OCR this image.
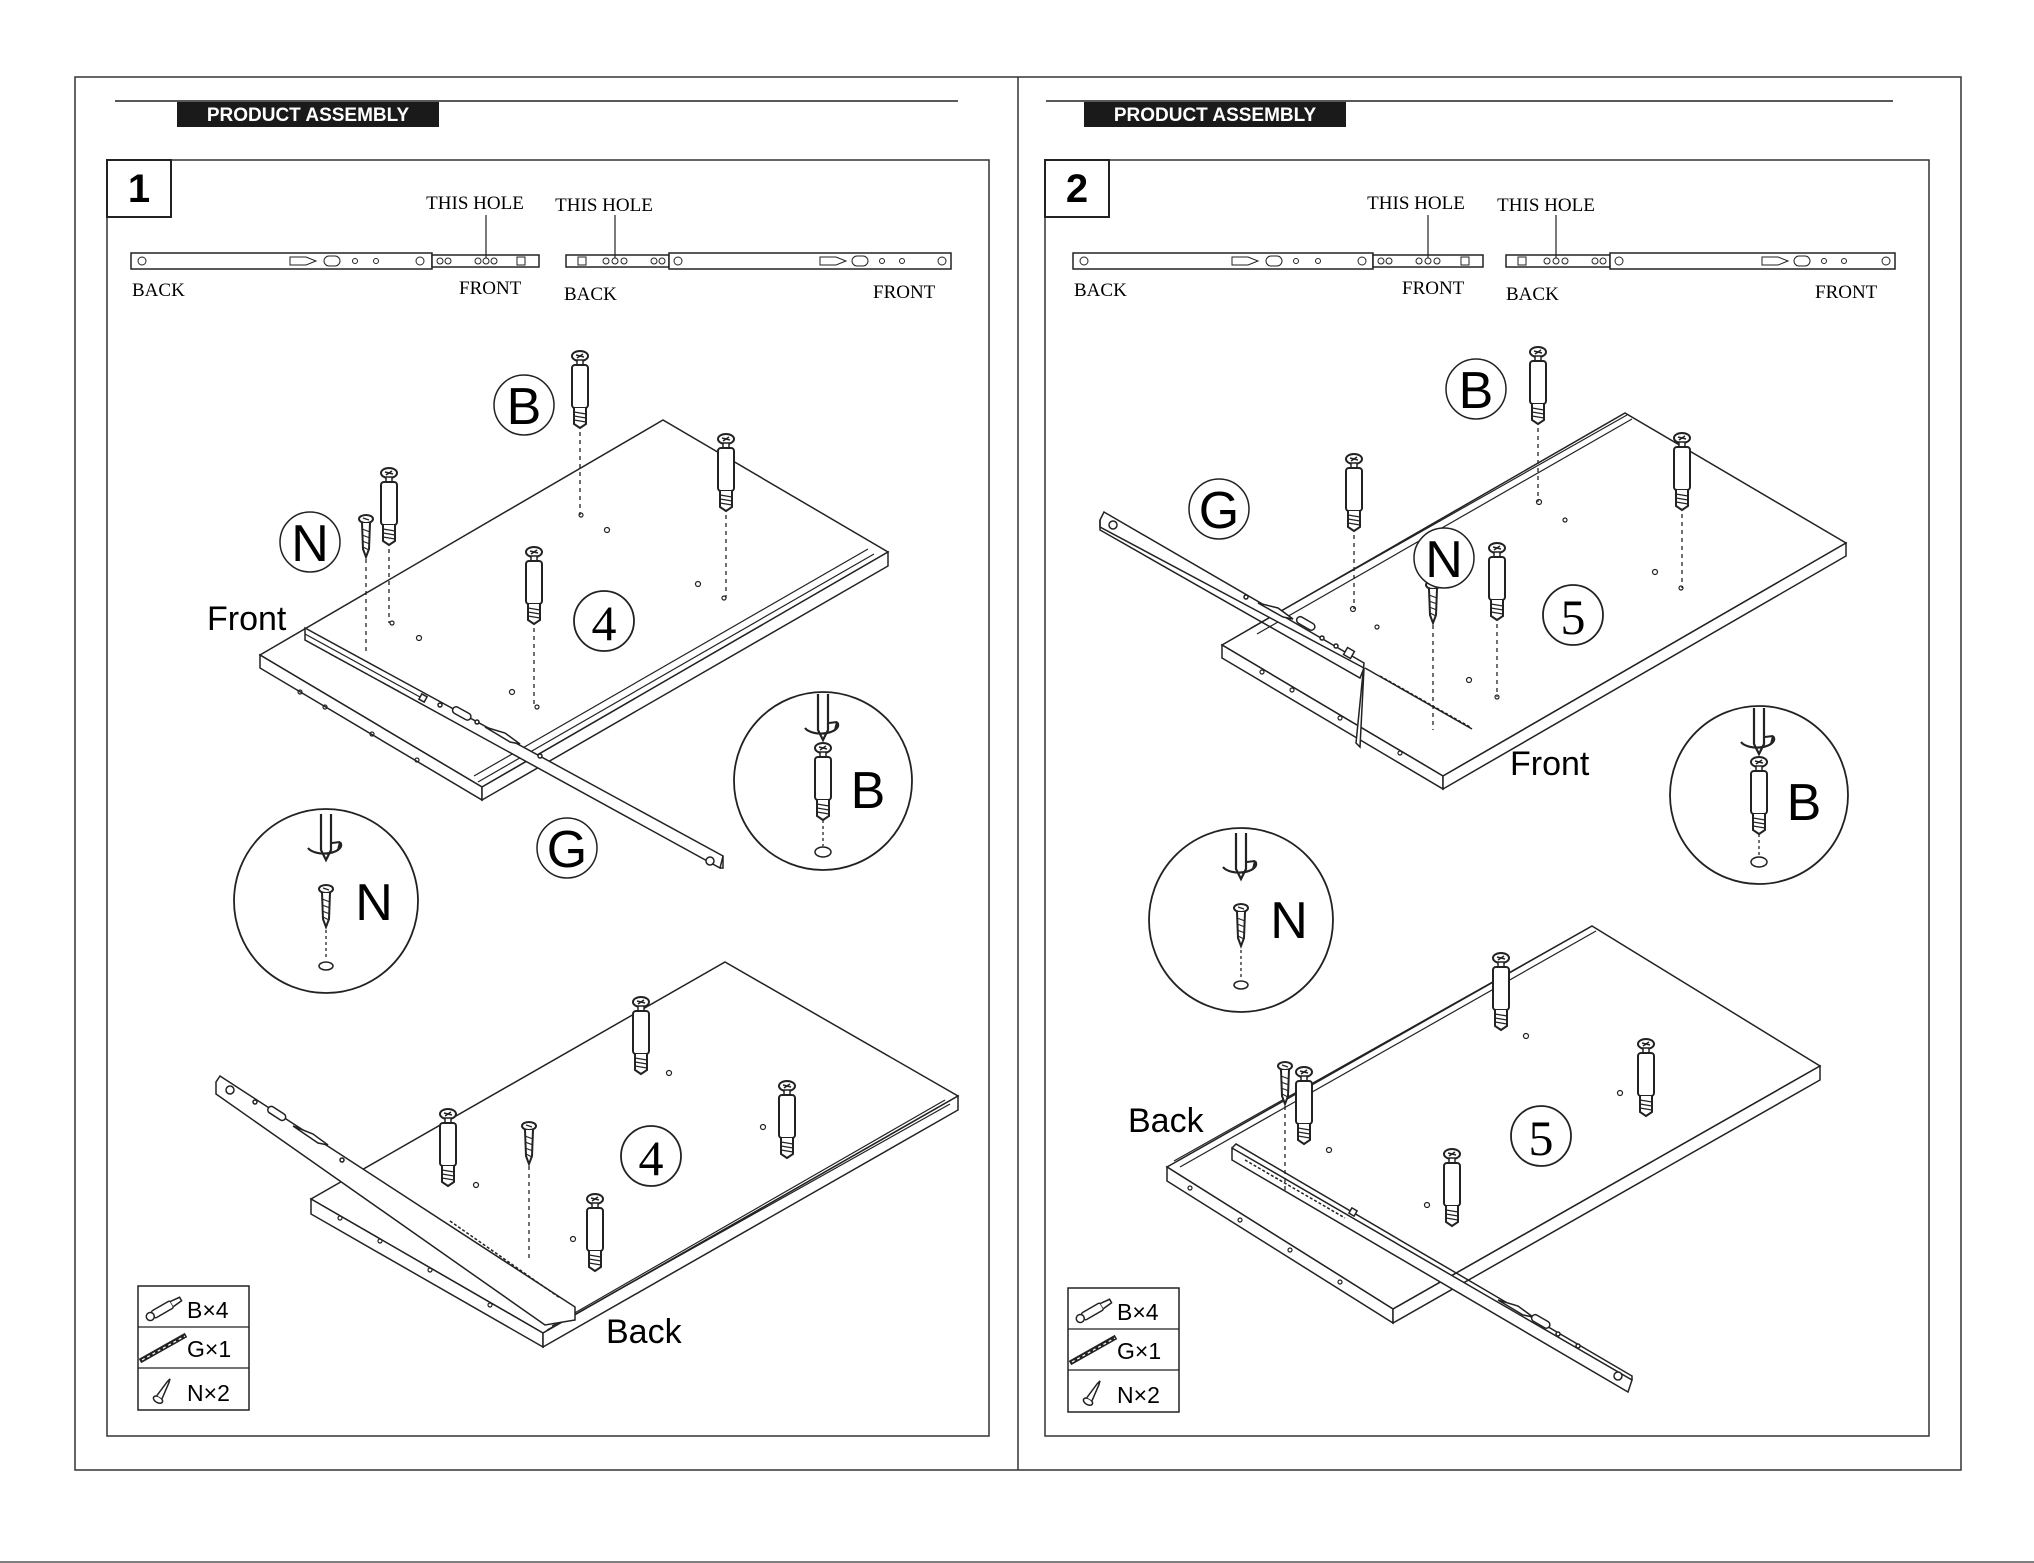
PRODUCT ASSEMBLY
1	THIS HOLE
BACK	FRONT
THIS HOLE
BACK	FRONT
B
N
G
4
Front
B
N
4
Back
B×4
G×1
N×2
PRODUCT ASSEMBLY
2	THIS HOLE
BACK	FRONT
THIS HOLE
BACK	FRONT
B
N
G
5
Front
B
N
5
Back
B×4
G×1
N×2
